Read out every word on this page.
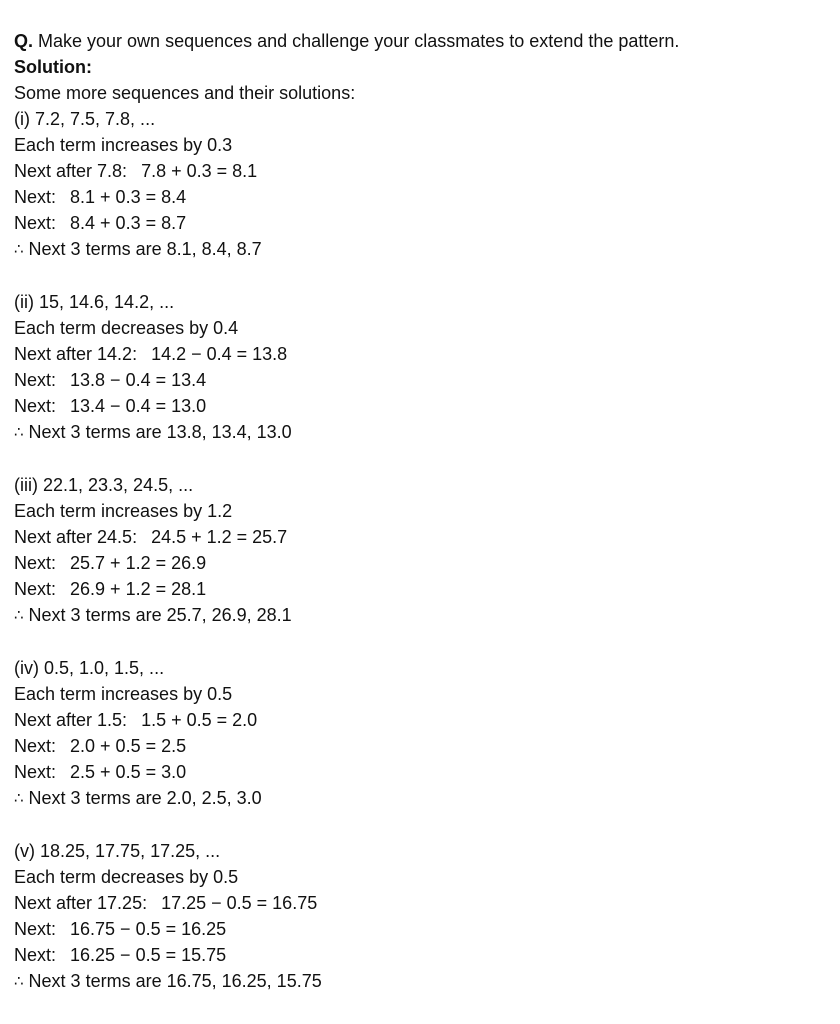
Q. Make your own sequences and challenge your classmates to extend the pattern.
Solution:
Some more sequences and their solutions:
(i) 7.2, 7.5, 7.8, ...
Each term increases by 0.3
Next after 7.8: 7.8 + 0.3 = 8.1
Next: 8.1 + 0.3 = 8.4
Next: 8.4 + 0.3 = 8.7
∴ Next 3 terms are 8.1, 8.4, 8.7
(ii) 15, 14.6, 14.2, ...
Each term decreases by 0.4
Next after 14.2: 14.2 − 0.4 = 13.8
Next: 13.8 − 0.4 = 13.4
Next: 13.4 − 0.4 = 13.0
∴ Next 3 terms are 13.8, 13.4, 13.0
(iii) 22.1, 23.3, 24.5, ...
Each term increases by 1.2
Next after 24.5: 24.5 + 1.2 = 25.7
Next: 25.7 + 1.2 = 26.9
Next: 26.9 + 1.2 = 28.1
∴ Next 3 terms are 25.7, 26.9, 28.1
(iv) 0.5, 1.0, 1.5, ...
Each term increases by 0.5
Next after 1.5: 1.5 + 0.5 = 2.0
Next: 2.0 + 0.5 = 2.5
Next: 2.5 + 0.5 = 3.0
∴ Next 3 terms are 2.0, 2.5, 3.0
(v) 18.25, 17.75, 17.25, ...
Each term decreases by 0.5
Next after 17.25: 17.25 − 0.5 = 16.75
Next: 16.75 − 0.5 = 16.25
Next: 16.25 − 0.5 = 15.75
∴ Next 3 terms are 16.75, 16.25, 15.75
